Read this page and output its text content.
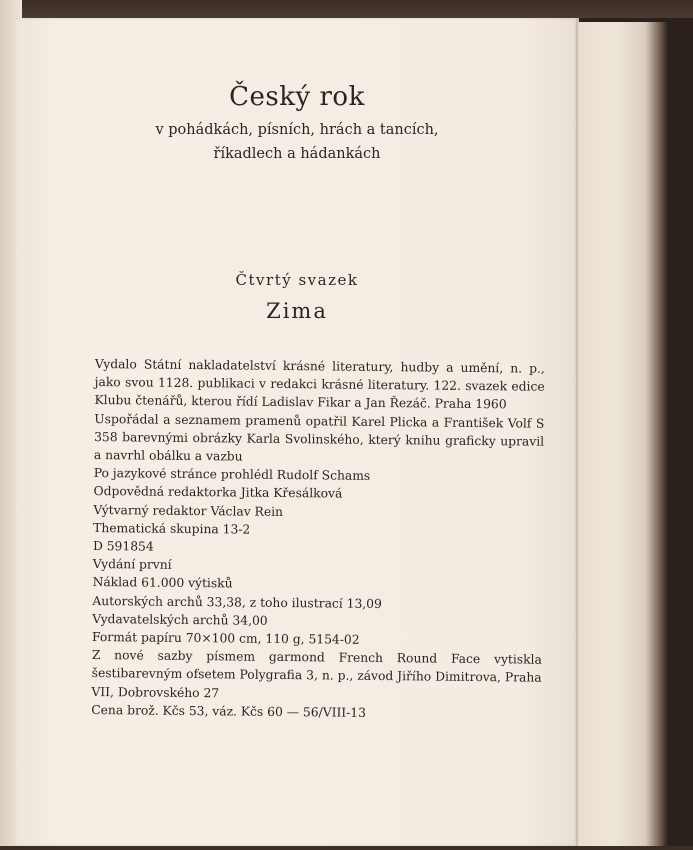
Český rok
v pohádkách, písních, hrách a tancích,
říkadlech a hádankách
Čtvrtý svazek
Zima

Vydalo Státní nakladatelství krásné literatury, hudby a umění, n. p., jako svou 1128. publikaci v redakci krásné literatury. 122. svazek edice Klubu čtenářů, kterou řídí Ladislav Fikar a Jan Řezáč. Praha 1960

Uspořádal a seznamem pramenů opatřil Karel Plicka a František Volf S 358 barevnými obrázky Karla Svolinského, který knihu graficky upravil a navrhl obálku a vazbu

Po jazykové stránce prohlédl Rudolf Schams

Odpovědná redaktorka Jitka Křesálková

Výtvarný redaktor Václav Rein

Thematická skupina 13-2

D 591854

Vydání první

Náklad 61.000 výtisků

Autorských archů 33,38, z toho ilustrací 13,09

Vydavatelských archů 34,00

Formát papíru 70×100 cm, 110 g, 5154-02

Z nové sazby písmem garmond French Round Face vytiskla šestibarevným ofsetem Polygrafia 3, n. p., závod Jiřího Dimitrova, Praha VII, Dobrovského 27

Cena brož. Kčs 53, váz. Kčs 60 — 56/VIII-13
